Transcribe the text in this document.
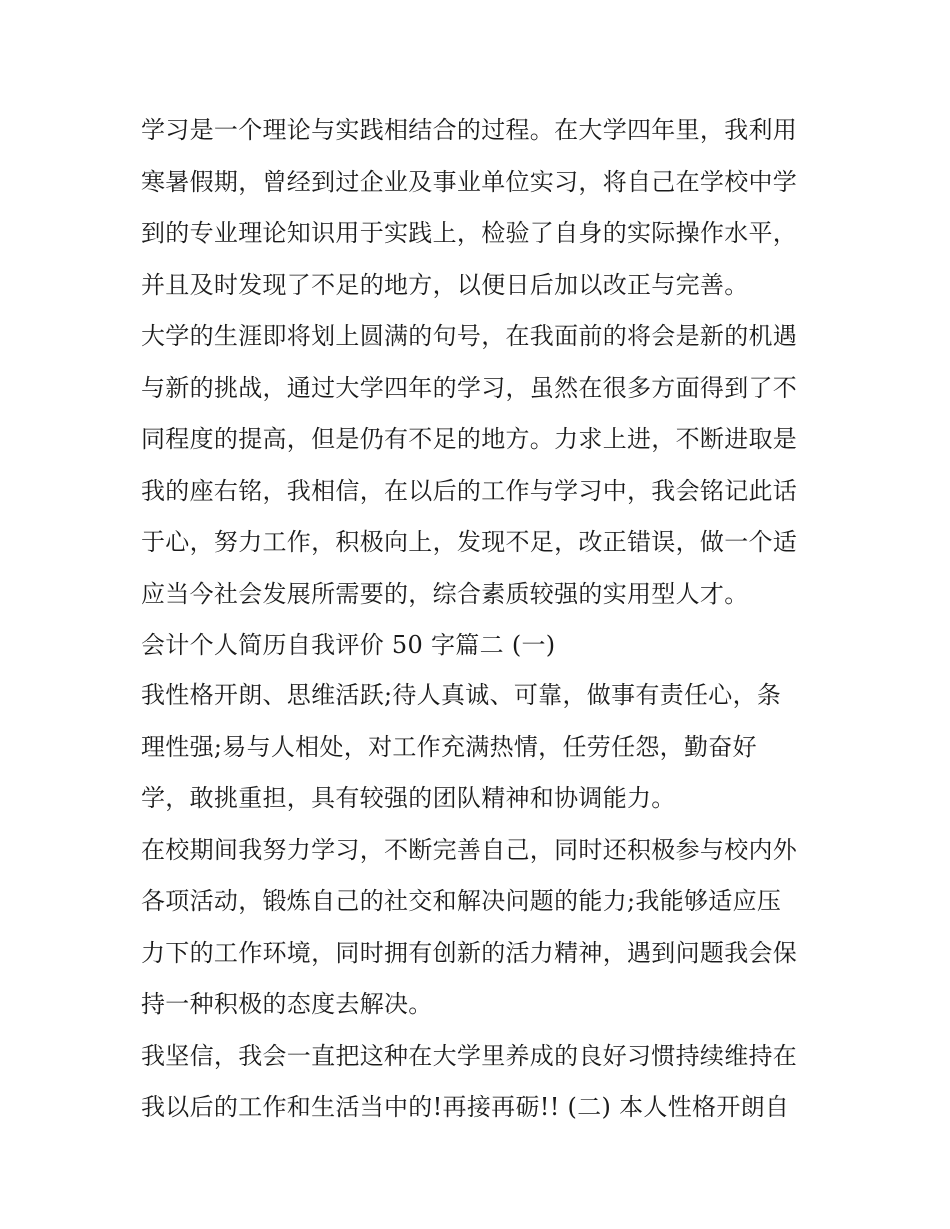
学习是一个理论与实践相结合的过程。在大学四年里，我利用
寒暑假期，曾经到过企业及事业单位实习，将自己在学校中学
到的专业理论知识用于实践上，检验了自身的实际操作水平，
并且及时发现了不足的地方，以便日后加以改正与完善。
大学的生涯即将划上圆满的句号，在我面前的将会是新的机遇
与新的挑战，通过大学四年的学习，虽然在很多方面得到了不
同程度的提高，但是仍有不足的地方。力求上进，不断进取是
我的座右铭，我相信，在以后的工作与学习中，我会铭记此话
于心，努力工作，积极向上，发现不足，改正错误，做一个适
应当今社会发展所需要的，综合素质较强的实用型人才。
会计个人简历自我评价 50 字篇二 (一)
我性格开朗、思维活跃;待人真诚、可靠，做事有责任心，条
理性强;易与人相处，对工作充满热情，任劳任怨，勤奋好
学，敢挑重担，具有较强的团队精神和协调能力。
在校期间我努力学习，不断完善自己，同时还积极参与校内外
各项活动，锻炼自己的社交和解决问题的能力;我能够适应压
力下的工作环境，同时拥有创新的活力精神，遇到问题我会保
持一种积极的态度去解决。
我坚信，我会一直把这种在大学里养成的良好习惯持续维持在
我以后的工作和生活当中的!再接再砺!! (二) 本人性格开朗自
